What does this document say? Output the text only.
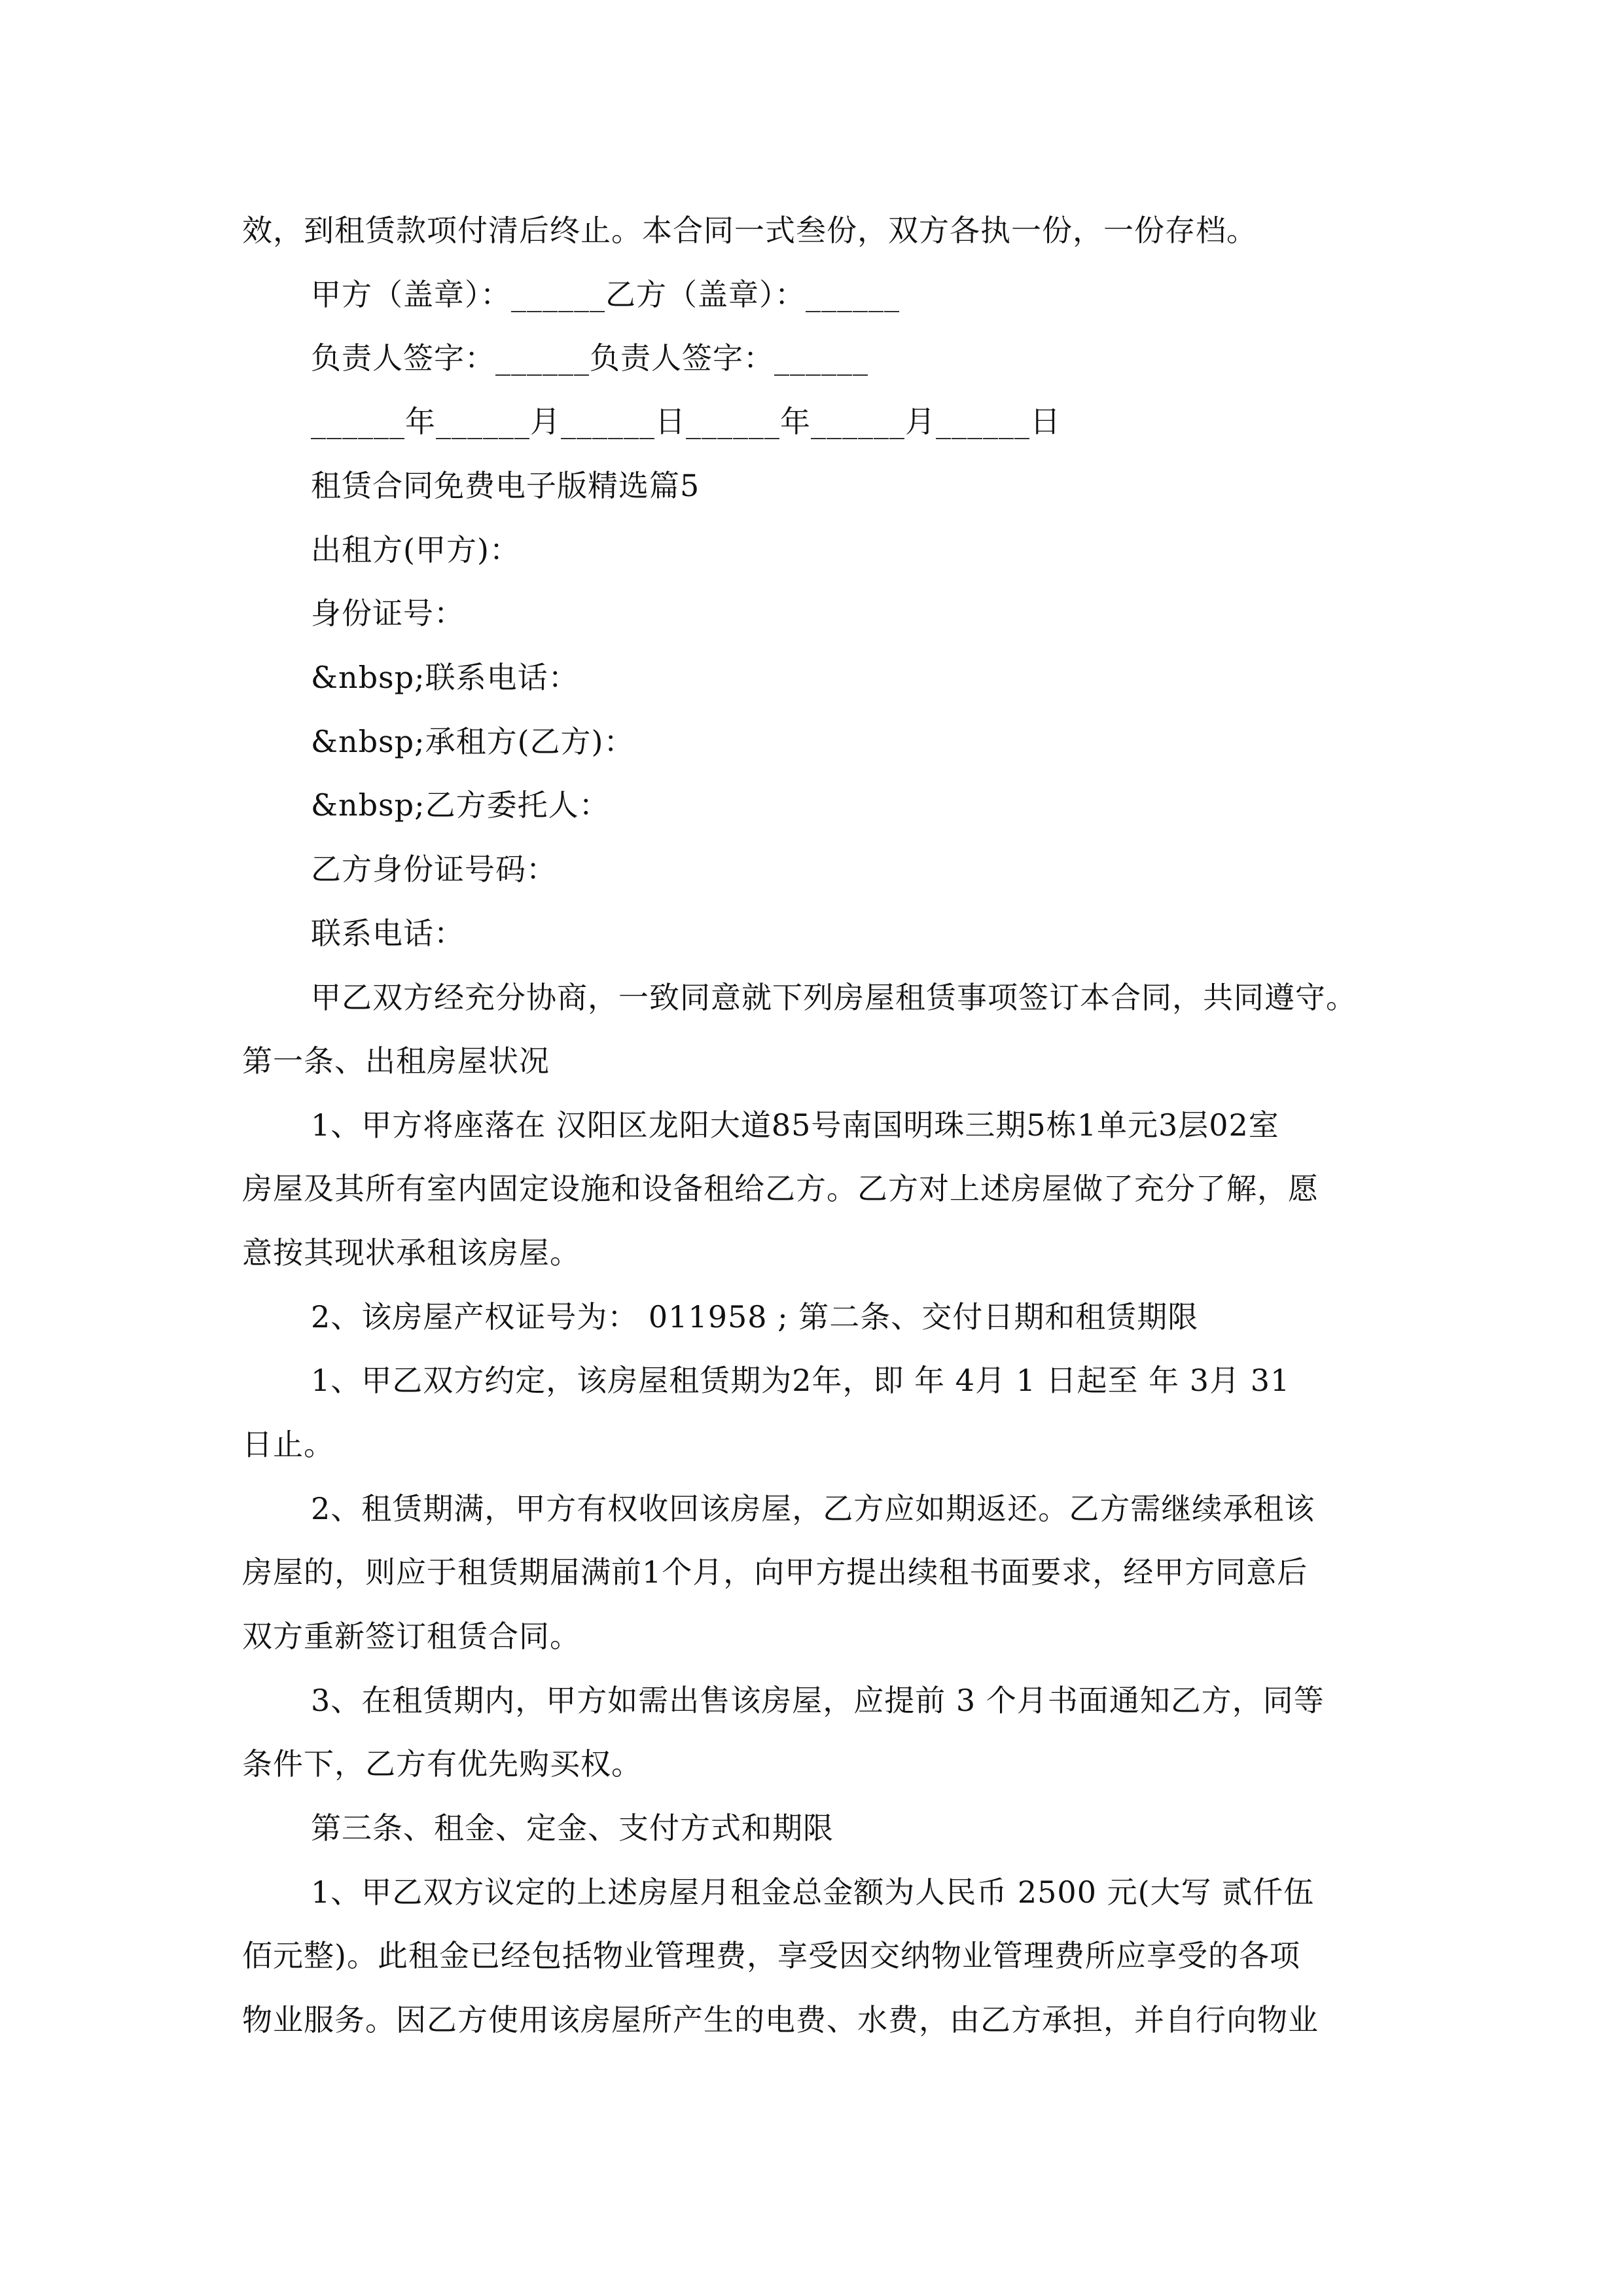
效，到租赁款项付清后终止。本合同一式叁份，双方各执一份，一份存档。
甲方（盖章）：______乙方（盖章）：______
负责人签字：______负责人签字：______
______年______月______日______年______月______日
租赁合同免费电子版精选篇5
出租方(甲方)：
身份证号：
&nbsp;联系电话：
&nbsp;承租方(乙方)：
&nbsp;乙方委托人：
乙方身份证号码：
联系电话：
甲乙双方经充分协商，一致同意就下列房屋租赁事项签订本合同，共同遵守。
第一条、出租房屋状况
1、甲方将座落在 汉阳区龙阳大道85号南国明珠三期5栋1单元3层02室
房屋及其所有室内固定设施和设备租给乙方。乙方对上述房屋做了充分了解，愿
意按其现状承租该房屋。
2、该房屋产权证号为： 011958 ; 第二条、交付日期和租赁期限
1、甲乙双方约定，该房屋租赁期为2年，即 年 4月 1 日起至 年 3月 31
日止。
2、租赁期满，甲方有权收回该房屋，乙方应如期返还。乙方需继续承租该
房屋的，则应于租赁期届满前1个月，向甲方提出续租书面要求，经甲方同意后
双方重新签订租赁合同。
3、在租赁期内，甲方如需出售该房屋，应提前 3 个月书面通知乙方，同等
条件下，乙方有优先购买权。
第三条、租金、定金、支付方式和期限
1、甲乙双方议定的上述房屋月租金总金额为人民币 2500 元(大写 贰仟伍
佰元整)。此租金已经包括物业管理费，享受因交纳物业管理费所应享受的各项
物业服务。因乙方使用该房屋所产生的电费、水费，由乙方承担，并自行向物业
